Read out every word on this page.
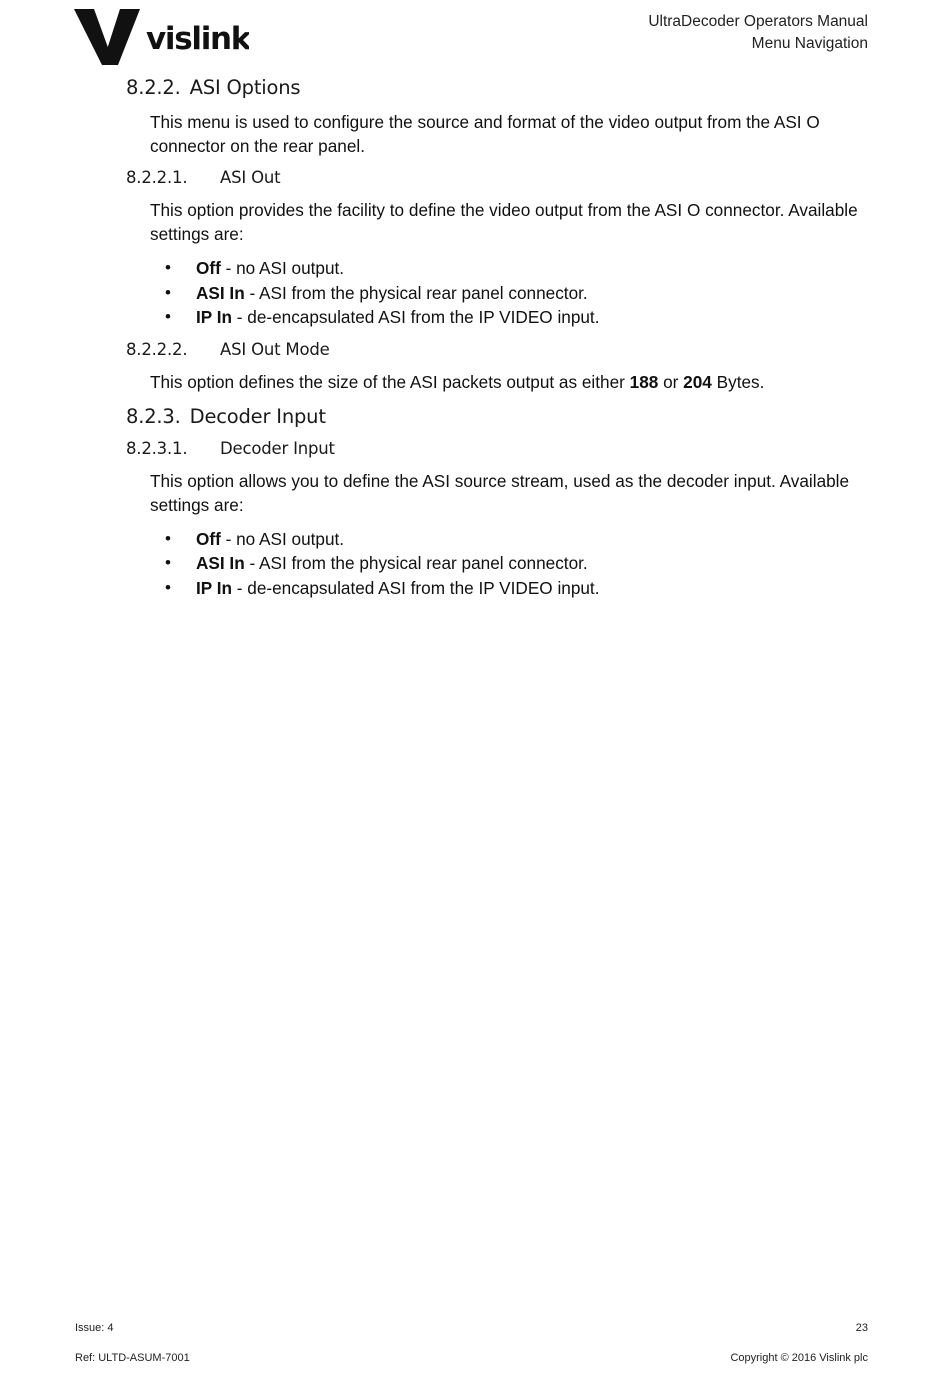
vislink	UltraDecoder Operators Manual
Menu Navigation
8.2.2. ASI Options

This menu is used to configure the source and format of the video output from the ASI O connector on the rear panel.

8.2.2.1. ASI Out

This option provides the facility to define the video output from the ASI O connector. Available settings are:

• Off - no ASI output.
• ASI In - ASI from the physical rear panel connector.
• IP In - de-encapsulated ASI from the IP VIDEO input.
8.2.2.2. ASI Out Mode

This option defines the size of the ASI packets output as either 188 or 204 Bytes.

8.2.3. Decoder Input
8.2.3.1. Decoder Input

This option allows you to define the ASI source stream, used as the decoder input. Available settings are:

• Off - no ASI output.
• ASI In - ASI from the physical rear panel connector.
• IP In - de-encapsulated ASI from the IP VIDEO input.
Issue: 4	23
Ref: ULTD-ASUM-7001	Copyright © 2016 Vislink plc
